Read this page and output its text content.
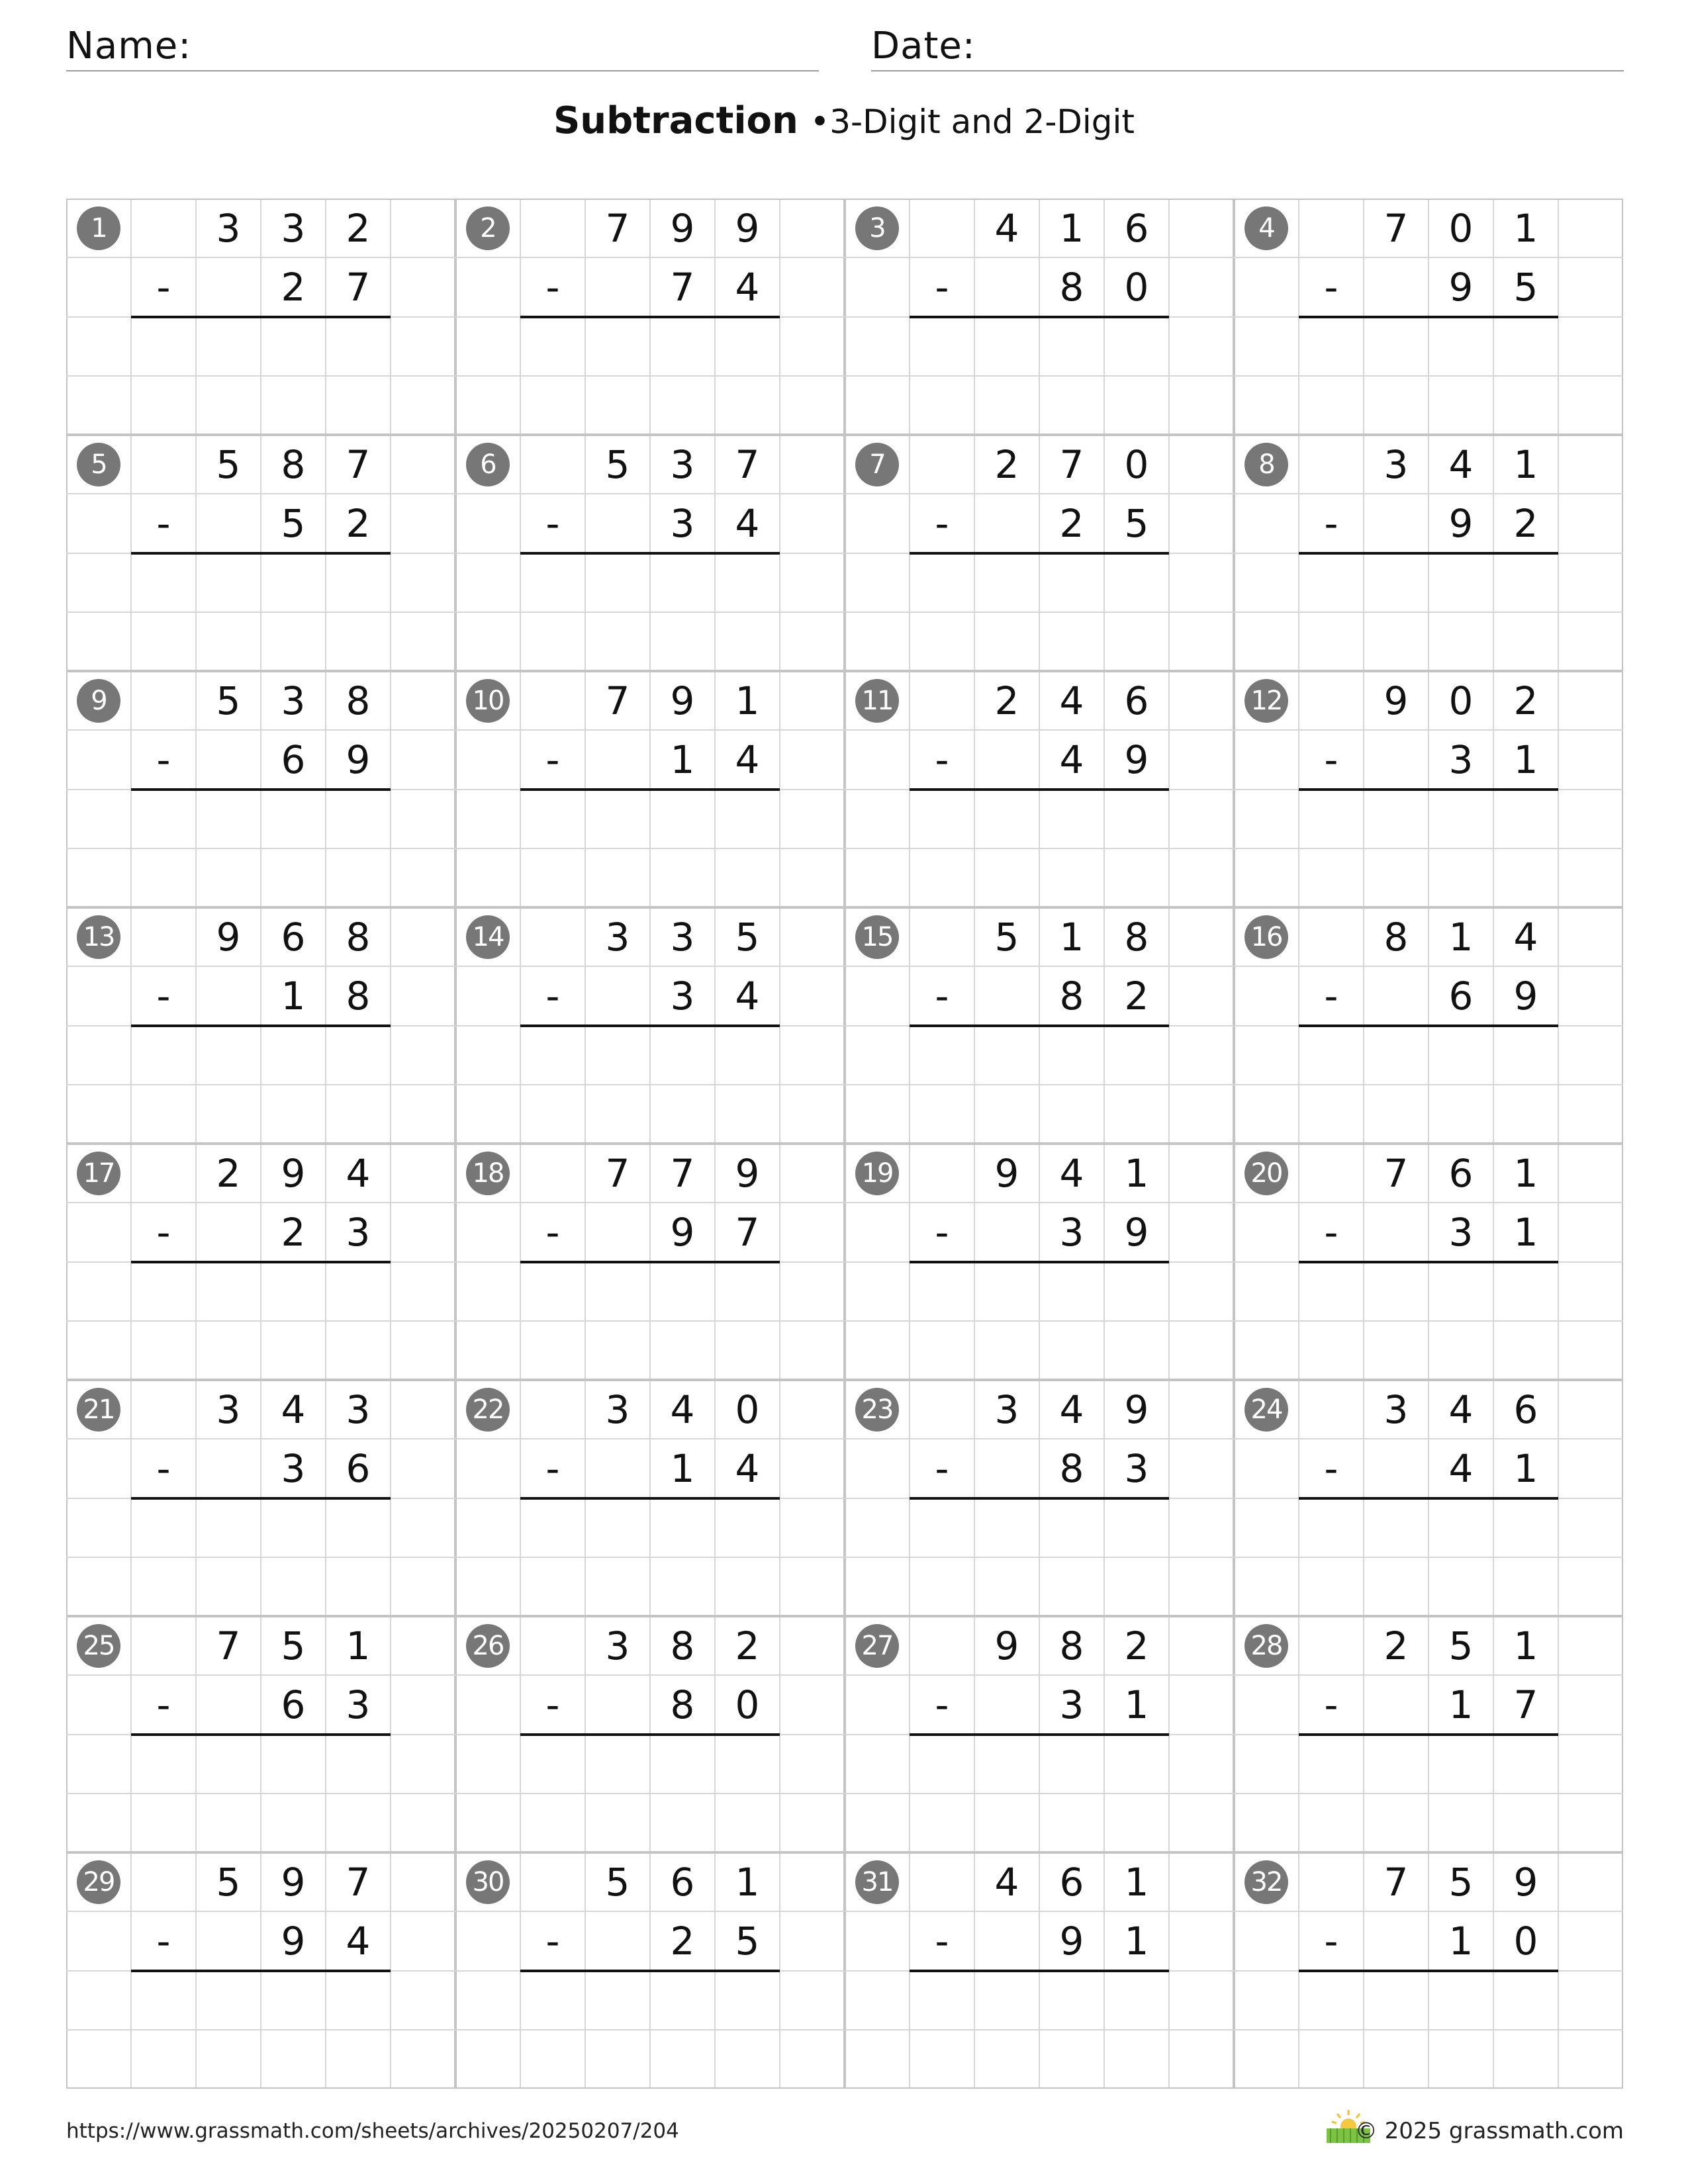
Name:	Date:
Subtraction •3-Digit and 2-Digit
1	3	3	2
-	2	7
2	7	9	9
-	7	4
3	4	1	6
-	8	0
4	7	0	1
-	9	5
5	5	8	7
-	5	2
6	5	3	7
-	3	4
7	2	7	0
-	2	5
8	3	4	1
-	9	2
9	5	3	8
-	6	9
10	7	9	1
-	1	4
11	2	4	6
-	4	9
12	9	0	2
-	3	1
13	9	6	8
-	1	8
14	3	3	5
-	3	4
15	5	1	8
-	8	2
16	8	1	4
-	6	9
17	2	9	4
-	2	3
18	7	7	9
-	9	7
19	9	4	1
-	3	9
20	7	6	1
-	3	1
21	3	4	3
-	3	6
22	3	4	0
-	1	4
23	3	4	9
-	8	3
24	3	4	6
-	4	1
25	7	5	1
-	6	3
26	3	8	2
-	8	0
27	9	8	2
-	3	1
28	2	5	1
-	1	7
29	5	9	7
-	9	4
30	5	6	1
-	2	5
31	4	6	1
-	9	1
32	7	5	9
-	1	0
https://www.grassmath.com/sheets/archives/20250207/204	© 2025 grassmath.com
